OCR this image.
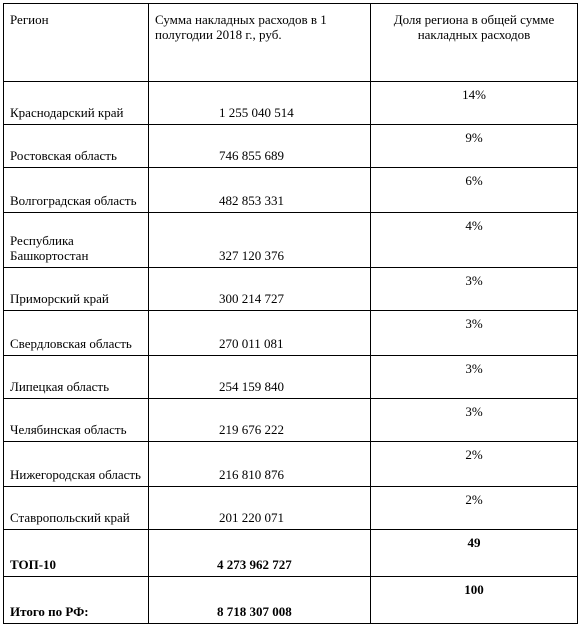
Регион	Сумма накладных расходов в 1 полугодии 2018 г., руб.	Доля региона в общей сумме накладных расходов
Краснодарский край	1 255 040 514	14%
Ростовская область	746 855 689	9%
Волгоградская область	482 853 331	6%
Республика Башкортостан	327 120 376	4%
Приморский край	300 214 727	3%
Свердловская область	270 011 081	3%
Липецкая область	254 159 840	3%
Челябинская область	219 676 222	3%
Нижегородская область	216 810 876	2%
Ставропольский край	201 220 071	2%
ТОП-10	4 273 962 727	49
Итого по РФ:	8 718 307 008	100
